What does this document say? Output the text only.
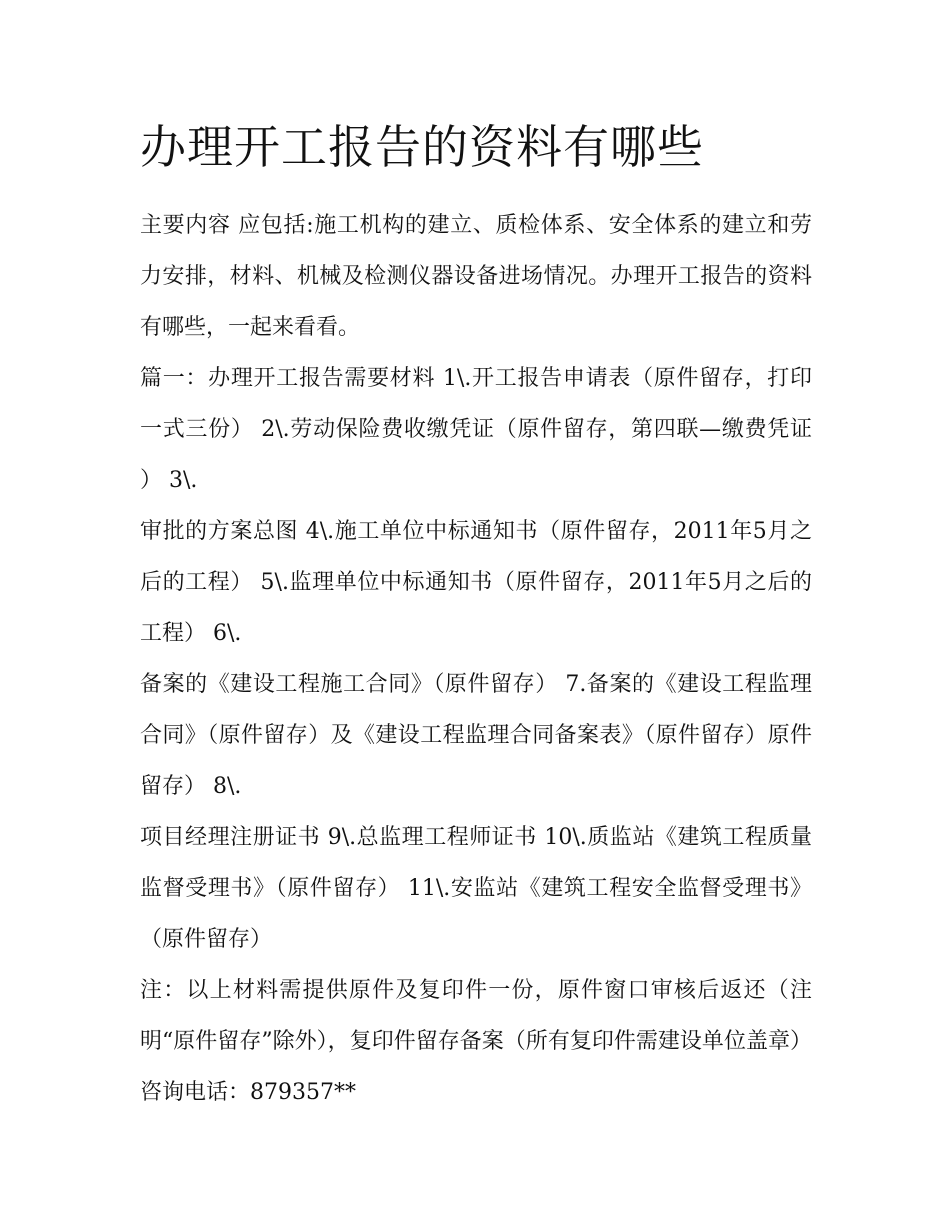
办理开工报告的资料有哪些

主要内容 应包括:施工机构的建立、质检体系、安全体系的建立和劳力安排，材料、机械及检测仪器设备进场情况。办理开工报告的资料有哪些，一起来看看。

篇一：办理开工报告需要材料 1\.开工报告申请表（原件留存，打印一式三份） 2\.劳动保险费收缴凭证（原件留存，第四联—缴费凭证 ） 3\.

审批的方案总图 4\.施工单位中标通知书（原件留存，2011年5月之后的工程） 5\.监理单位中标通知书（原件留存，2011年5月之后的工程） 6\.

备案的《建设工程施工合同》（原件留存） 7.备案的《建设工程监理合同》（原件留存）及《建设工程监理合同备案表》（原件留存）原件留存） 8\.

项目经理注册证书 9\.总监理工程师证书 10\.质监站《建筑工程质量监督受理书》（原件留存） 11\.安监站《建筑工程安全监督受理书》（原件留存）

注：以上材料需提供原件及复印件一份，原件窗口审核后返还（注明“原件留存”除外），复印件留存备案（所有复印件需建设单位盖章） 咨询电话：879357**
